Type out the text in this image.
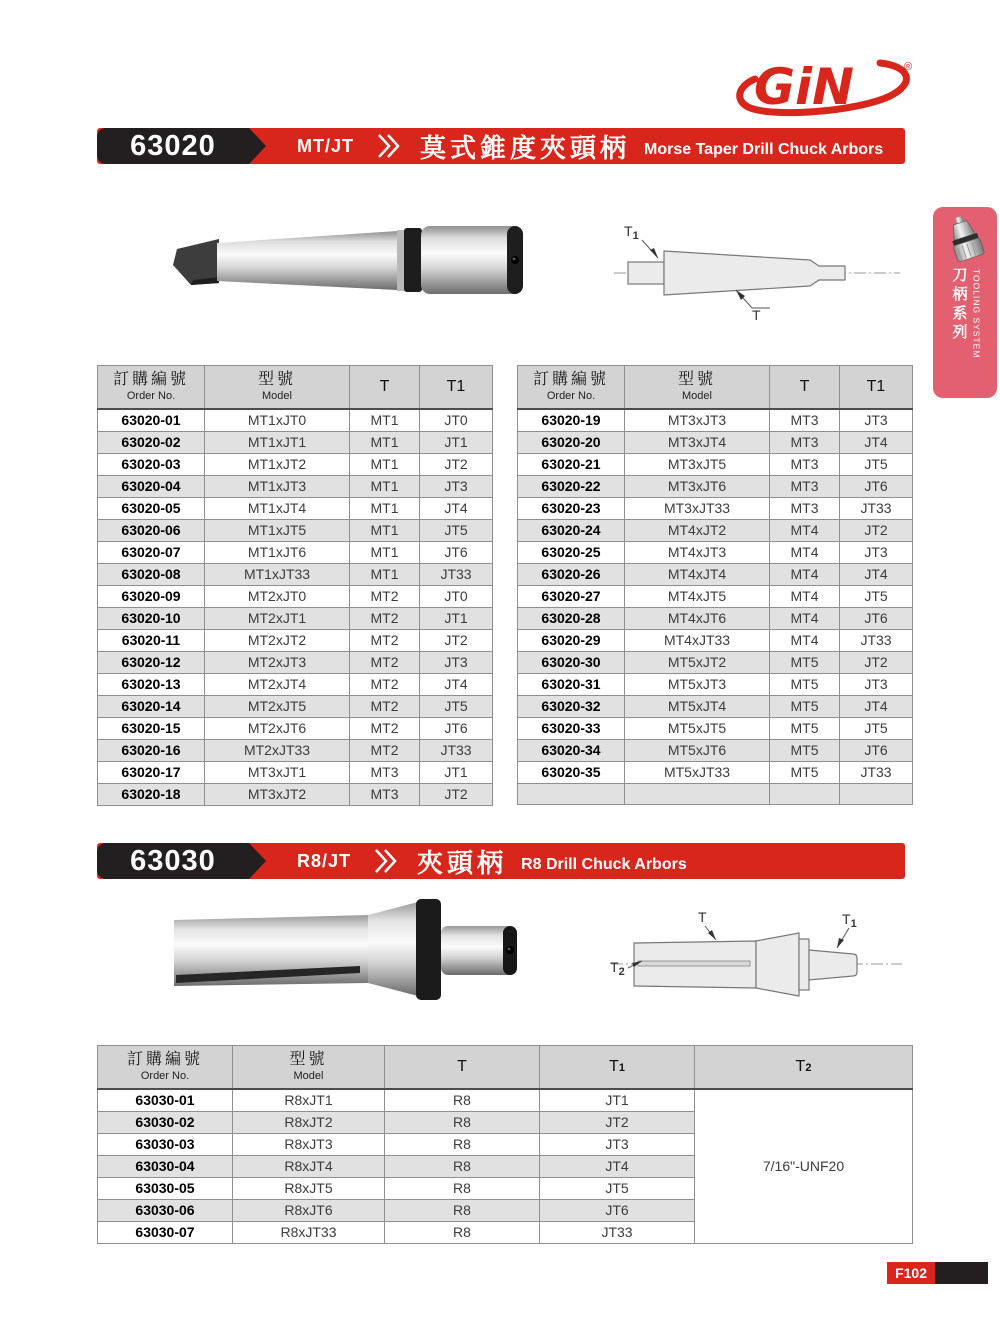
GiN	®
63020	MT/JT	莫式錐度夾頭柄 Morse Taper Drill Chuck Arbors
$T_1$
T	刀柄系列 TOOLING SYSTEM
訂購編號
Order No.

型號
Model
	T	T1
63020-01	MT1xJT0	MT1	JT0
63020-02	MT1xJT1	MT1	JT1
63020-03	MT1xJT2	MT1	JT2
63020-04	MT1xJT3	MT1	JT3
63020-05	MT1xJT4	MT1	JT4
63020-06	MT1xJT5	MT1	JT5
63020-07	MT1xJT6	MT1	JT6
63020-08	MT1xJT33	MT1	JT33
63020-09	MT2xJT0	MT2	JT0
63020-10	MT2xJT1	MT2	JT1
63020-11	MT2xJT2	MT2	JT2
63020-12	MT2xJT3	MT2	JT3
63020-13	MT2xJT4	MT2	JT4
63020-14	MT2xJT5	MT2	JT5
63020-15	MT2xJT6	MT2	JT6
63020-16	MT2xJT33	MT2	JT33
63020-17	MT3xJT1	MT3	JT1
63020-18	MT3xJT2	MT3	JT2
訂購編號
Order No.

型號
Model
	T	T1
63020-19	MT3xJT3	MT3	JT3
63020-20	MT3xJT4	MT3	JT4
63020-21	MT3xJT5	MT3	JT5
63020-22	MT3xJT6	MT3	JT6
63020-23	MT3xJT33	MT3	JT33
63020-24	MT4xJT2	MT4	JT2
63020-25	MT4xJT3	MT4	JT3
63020-26	MT4xJT4	MT4	JT4
63020-27	MT4xJT5	MT4	JT5
63020-28	MT4xJT6	MT4	JT6
63020-29	MT4xJT33	MT4	JT33
63020-30	MT5xJT2	MT5	JT2
63020-31	MT5xJT3	MT5	JT3
63020-32	MT5xJT4	MT5	JT4
63020-33	MT5xJT5	MT5	JT5
63020-34	MT5xJT6	MT5	JT6
63020-35	MT5xJT33	MT5	JT33

63030	R8/JT	夾頭柄 R8 Drill Chuck Arbors
T	$T_1$
$T_2$
訂購編號
Order No.

型號
Model
	T	T1	T2
63030-01	R8xJT1	R8	JT1	7/16"-UNF20
63030-02	R8xJT2	R8	JT2	
63030-03	R8xJT3	R8	JT3	
63030-04	R8xJT4	R8	JT4	
63030-05	R8xJT5	R8	JT5	
63030-06	R8xJT6	R8	JT6	
63030-07	R8xJT33	R8	JT33	
F102
